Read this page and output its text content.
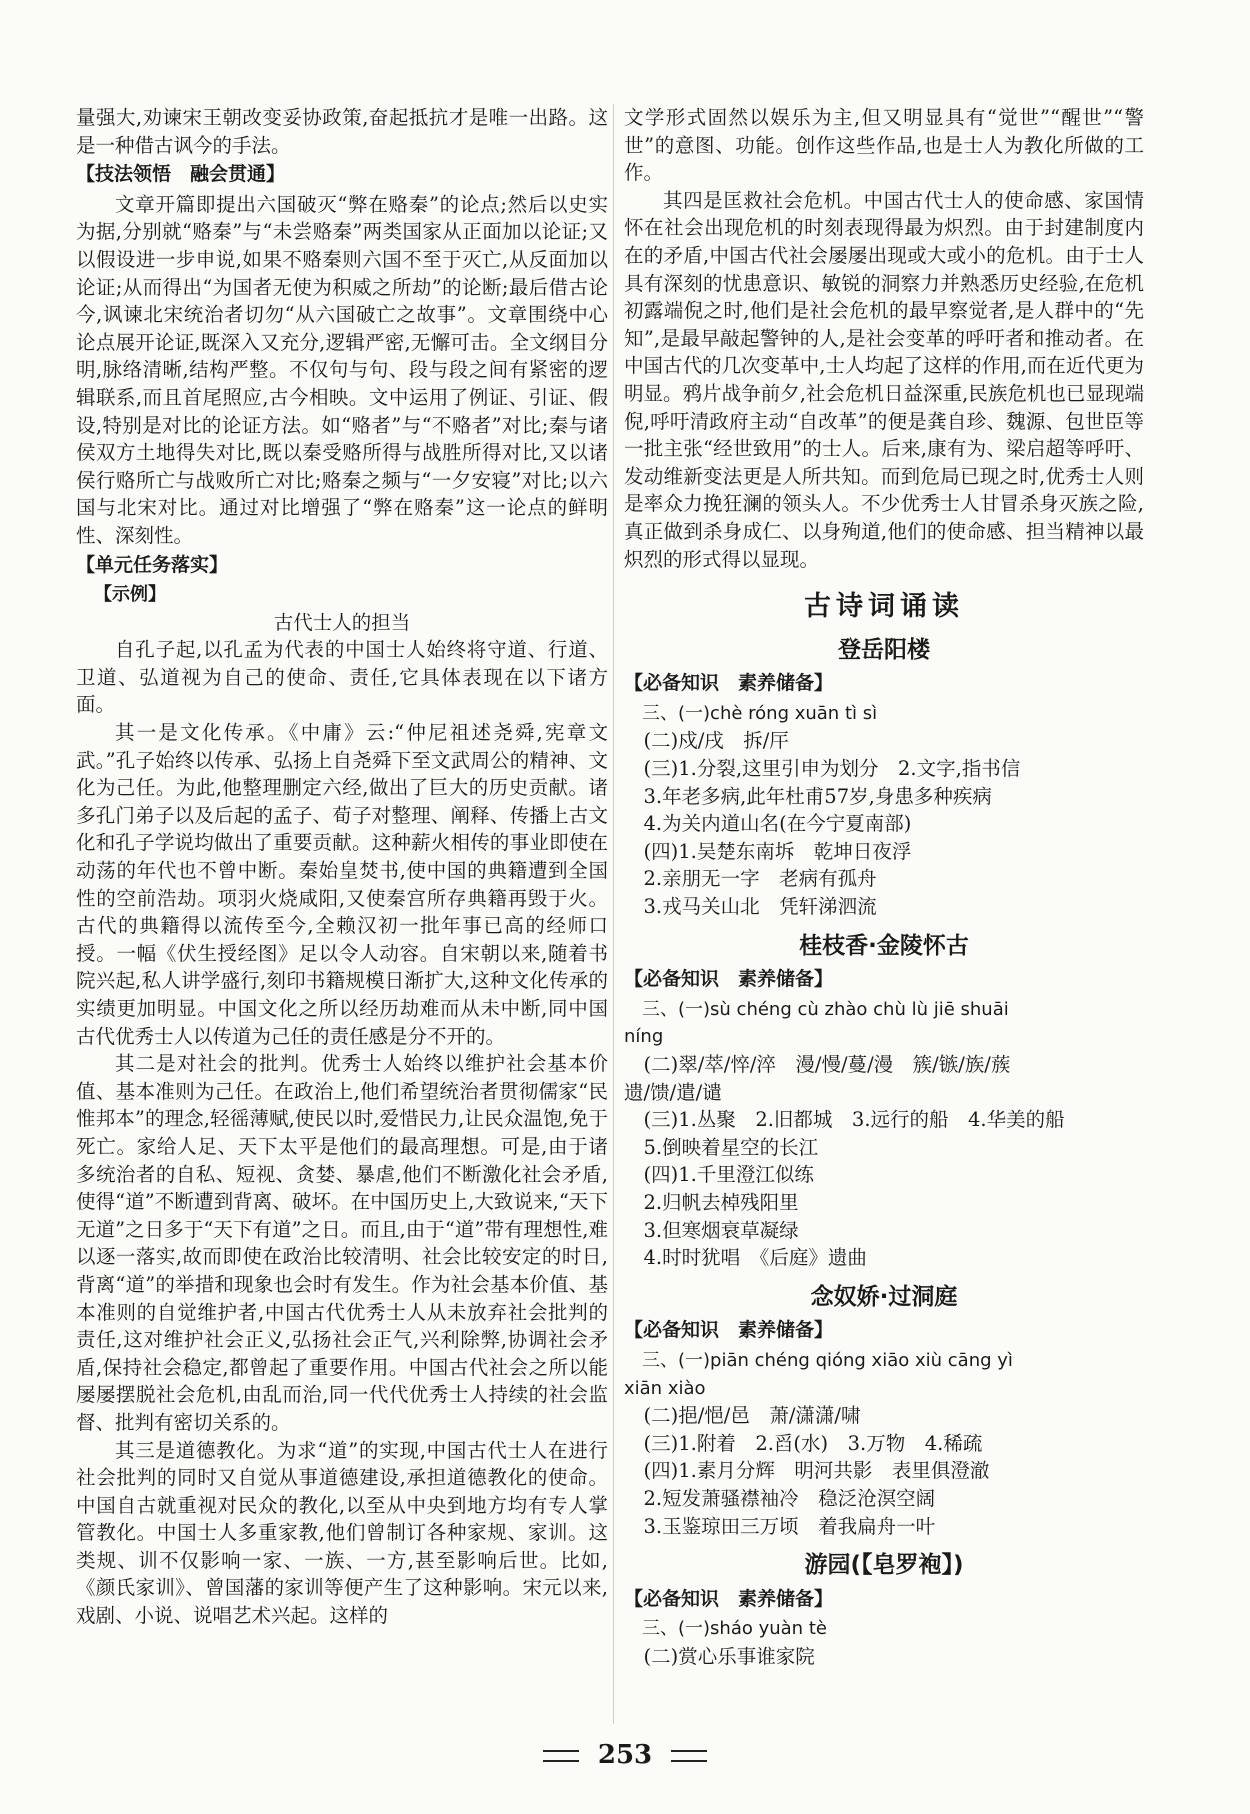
量强大,劝谏宋王朝改变妥协政策,奋起抵抗才是唯一出路。这是一种借古讽今的手法。

【技法领悟　融会贯通】

文章开篇即提出六国破灭“弊在赂秦”的论点;然后以史实为据,分别就“赂秦”与“未尝赂秦”两类国家从正面加以论证;又以假设进一步申说,如果不赂秦则六国不至于灭亡,从反面加以论证;从而得出“为国者无使为积威之所劫”的论断;最后借古论今,讽谏北宋统治者切勿“从六国破亡之故事”。文章围绕中心论点展开论证,既深入又充分,逻辑严密,无懈可击。全文纲目分明,脉络清晰,结构严整。不仅句与句、段与段之间有紧密的逻辑联系,而且首尾照应,古今相映。文中运用了例证、引证、假设,特别是对比的论证方法。如“赂者”与“不赂者”对比;秦与诸侯双方土地得失对比,既以秦受赂所得与战胜所得对比,又以诸侯行赂所亡与战败所亡对比;赂秦之频与“一夕安寝”对比;以六国与北宋对比。通过对比增强了“弊在赂秦”这一论点的鲜明性、深刻性。

【单元任务落实】
【示例】

古代士人的担当

自孔子起,以孔孟为代表的中国士人始终将守道、行道、卫道、弘道视为自己的使命、责任,它具体表现在以下诸方面。

其一是文化传承。《中庸》云:“仲尼祖述尧舜,宪章文武。”孔子始终以传承、弘扬上自尧舜下至文武周公的精神、文化为己任。为此,他整理删定六经,做出了巨大的历史贡献。诸多孔门弟子以及后起的孟子、荀子对整理、阐释、传播上古文化和孔子学说均做出了重要贡献。这种薪火相传的事业即使在动荡的年代也不曾中断。秦始皇焚书,使中国的典籍遭到全国性的空前浩劫。项羽火烧咸阳,又使秦宫所存典籍再毁于火。古代的典籍得以流传至今,全赖汉初一批年事已高的经师口授。一幅《伏生授经图》足以令人动容。自宋朝以来,随着书院兴起,私人讲学盛行,刻印书籍规模日渐扩大,这种文化传承的实绩更加明显。中国文化之所以经历劫难而从未中断,同中国古代优秀士人以传道为己任的责任感是分不开的。

其二是对社会的批判。优秀士人始终以维护社会基本价值、基本准则为己任。在政治上,他们希望统治者贯彻儒家“民惟邦本”的理念,轻徭薄赋,使民以时,爱惜民力,让民众温饱,免于死亡。家给人足、天下太平是他们的最高理想。可是,由于诸多统治者的自私、短视、贪婪、暴虐,他们不断激化社会矛盾,使得“道”不断遭到背离、破坏。在中国历史上,大致说来,“天下无道”之日多于“天下有道”之日。而且,由于“道”带有理想性,难以逐一落实,故而即使在政治比较清明、社会比较安定的时日,背离“道”的举措和现象也会时有发生。作为社会基本价值、基本准则的自觉维护者,中国古代优秀士人从未放弃社会批判的责任,这对维护社会正义,弘扬社会正气,兴利除弊,协调社会矛盾,保持社会稳定,都曾起了重要作用。中国古代社会之所以能屡屡摆脱社会危机,由乱而治,同一代代优秀士人持续的社会监督、批判有密切关系的。

其三是道德教化。为求“道”的实现,中国古代士人在进行社会批判的同时又自觉从事道德建设,承担道德教化的使命。中国自古就重视对民众的教化,以至从中央到地方均有专人掌管教化。中国士人多重家教,他们曾制订各种家规、家训。这类规、训不仅影响一家、一族、一方,甚至影响后世。比如,《颜氏家训》、曾国藩的家训等便产生了这种影响。宋元以来,戏剧、小说、说唱艺术兴起。这样的

文学形式固然以娱乐为主,但又明显具有“觉世”“醒世”“警世”的意图、功能。创作这些作品,也是士人为教化所做的工作。

其四是匡救社会危机。中国古代士人的使命感、家国情怀在社会出现危机的时刻表现得最为炽烈。由于封建制度内在的矛盾,中国古代社会屡屡出现或大或小的危机。由于士人具有深刻的忧患意识、敏锐的洞察力并熟悉历史经验,在危机初露端倪之时,他们是社会危机的最早察觉者,是人群中的“先知”,是最早敲起警钟的人,是社会变革的呼吁者和推动者。在中国古代的几次变革中,士人均起了这样的作用,而在近代更为明显。鸦片战争前夕,社会危机日益深重,民族危机也已显现端倪,呼吁清政府主动“自改革”的便是龚自珍、魏源、包世臣等一批主张“经世致用”的士人。后来,康有为、梁启超等呼吁、发动维新变法更是人所共知。而到危局已现之时,优秀士人则是率众力挽狂澜的领头人。不少优秀士人甘冒杀身灭族之险,真正做到杀身成仁、以身殉道,他们的使命感、担当精神以最炽烈的形式得以显现。

古诗词诵读
登岳阳楼
【必备知识　素养储备】
三、(一)chè róng xuān tì sì
(二)戍/戌　拆/厈
(三)1.分裂,这里引申为划分　2.文字,指书信
3.年老多病,此年杜甫57岁,身患多种疾病
4.为关内道山名(在今宁夏南部)
(四)1.吴楚东南坼　乾坤日夜浮
2.亲朋无一字　老病有孤舟
3.戎马关山北　凭轩涕泗流
桂枝香·金陵怀古
【必备知识　素养储备】
三、(一)sù chéng cù zhào chù lù jiē shuāi
níng
(二)翠/萃/悴/淬　漫/慢/蔓/漫　簇/镞/族/蔟
遗/馈/遣/谴
(三)1.丛聚　2.旧都城　3.远行的船　4.华美的船
5.倒映着星空的长江
(四)1.千里澄江似练
2.归帆去棹残阳里
3.但寒烟衰草凝绿
4.时时犹唱　《后庭》遗曲
念奴娇·过洞庭
【必备知识　素养储备】
三、(一)piān chéng qióng xiāo xiù cāng yì
xiān xiào
(二)挹/悒/邑　萧/潇潇/啸
(三)1.附着　2.舀(水)　3.万物　4.稀疏
(四)1.素月分辉　明河共影　表里俱澄澈
2.短发萧骚襟袖冷　稳泛沧溟空阔
3.玉鉴琼田三万顷　着我扁舟一叶
游园(【皂罗袍】)
【必备知识　素养储备】
三、(一)sháo yuàn tè
(二)赏心乐事谁家院
253
